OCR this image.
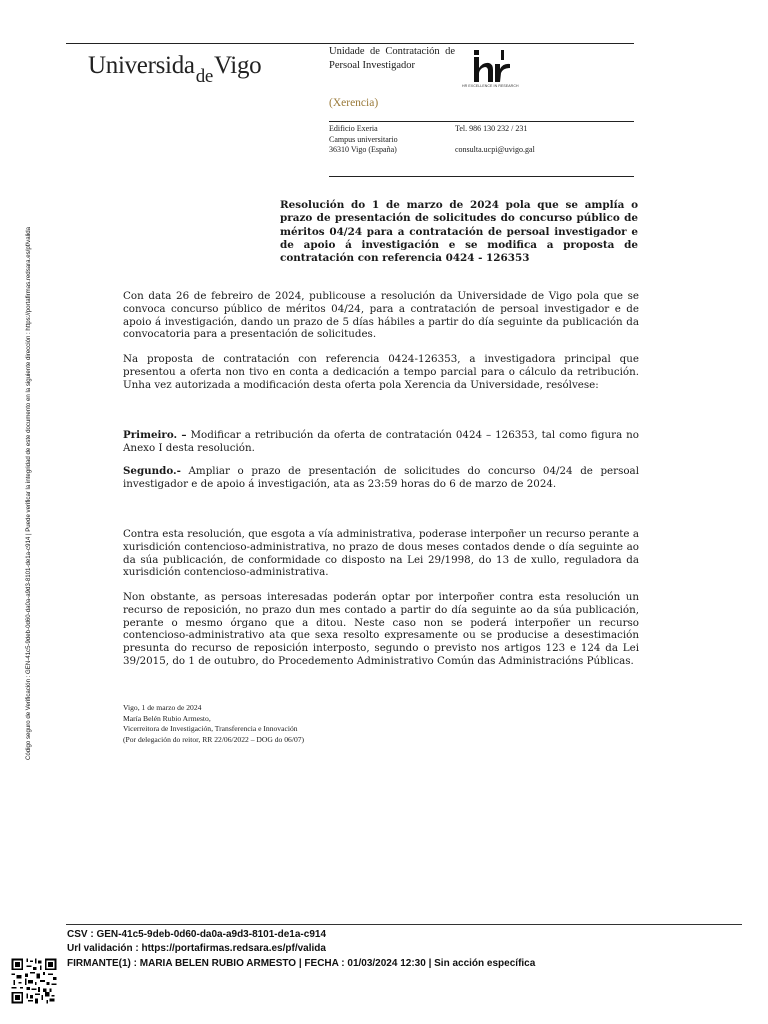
Universida$_{de}$Vigo
Unidade de Contratación de Persoal Investigador
HR EXCELLENCE IN RESEARCH
(Xerencia)
Edificio Exeria
Campus universitario
36310 Vigo (España)
Tel. 986 130 232 / 231

consulta.ucpi@uvigo.gal
Resolución do 1 de marzo de 2024 pola que se amplía o prazo de presentación de solicitudes do concurso público de méritos 04/24 para a contratación de persoal investigador e de apoio á investigación e se modifica a proposta de contratación con referencia 0424 - 126353

Con data 26 de febreiro de 2024, publicouse a resolución da Universidade de Vigo pola que se convoca concurso público de méritos 04/24, para a contratación de persoal investigador e de apoio á investigación, dando un prazo de 5 días hábiles a partir do día seguinte da publicación da convocatoria para a presentación de solicitudes.

Na proposta de contratación con referencia 0424-126353, a investigadora principal que presentou a oferta non tivo en conta a dedicación a tempo parcial para o cálculo da retribución. Unha vez autorizada a modificación desta oferta pola Xerencia da Universidade, resólvese:

Primeiro. – Modificar a retribución da oferta de contratación 0424 – 126353, tal como figura no Anexo I desta resolución.

Segundo.- Ampliar o prazo de presentación de solicitudes do concurso 04/24 de persoal investigador e de apoio á investigación, ata as 23:59 horas do 6 de marzo de 2024.

Contra esta resolución, que esgota a vía administrativa, poderase interpoñer un recurso perante a xurisdición contencioso-administrativa, no prazo de dous meses contados dende o día seguinte ao da súa publicación, de conformidade co disposto na Lei 29/1998, do 13 de xullo, reguladora da xurisdición contencioso-administrativa.

Non obstante, as persoas interesadas poderán optar por interpoñer contra esta resolución un recurso de reposición, no prazo dun mes contado a partir do día seguinte ao da súa publicación, perante o mesmo órgano que a ditou. Neste caso non se poderá interpoñer un recurso contencioso-administrativo ata que sexa resolto expresamente ou se producise a desestimación presunta do recurso de reposición interposto, segundo o previsto nos artigos 123 e 124 da Lei 39/2015, do 1 de outubro, do Procedemento Administrativo Común das Administracións Públicas.

Vigo, 1 de marzo de 2024
María Belén Rubio Armesto,
Vicerreitora de Investigación, Transferencia e Innovación
(Por delegación do reitor, RR 22/06/2022 – DOG do 06/07)
Código seguro de Verificación : GEN-41c5-9deb-0d60-da0a-a9d3-8101-de1a-c914 | Puede verificar la integridad de este documento en la siguiente dirección : https://portafirmas.redsara.es/pf/valida
CSV : GEN-41c5-9deb-0d60-da0a-a9d3-8101-de1a-c914
Url validación : https://portafirmas.redsara.es/pf/valida
FIRMANTE(1) : MARIA BELEN RUBIO ARMESTO | FECHA : 01/03/2024 12:30 | Sin acción específica
